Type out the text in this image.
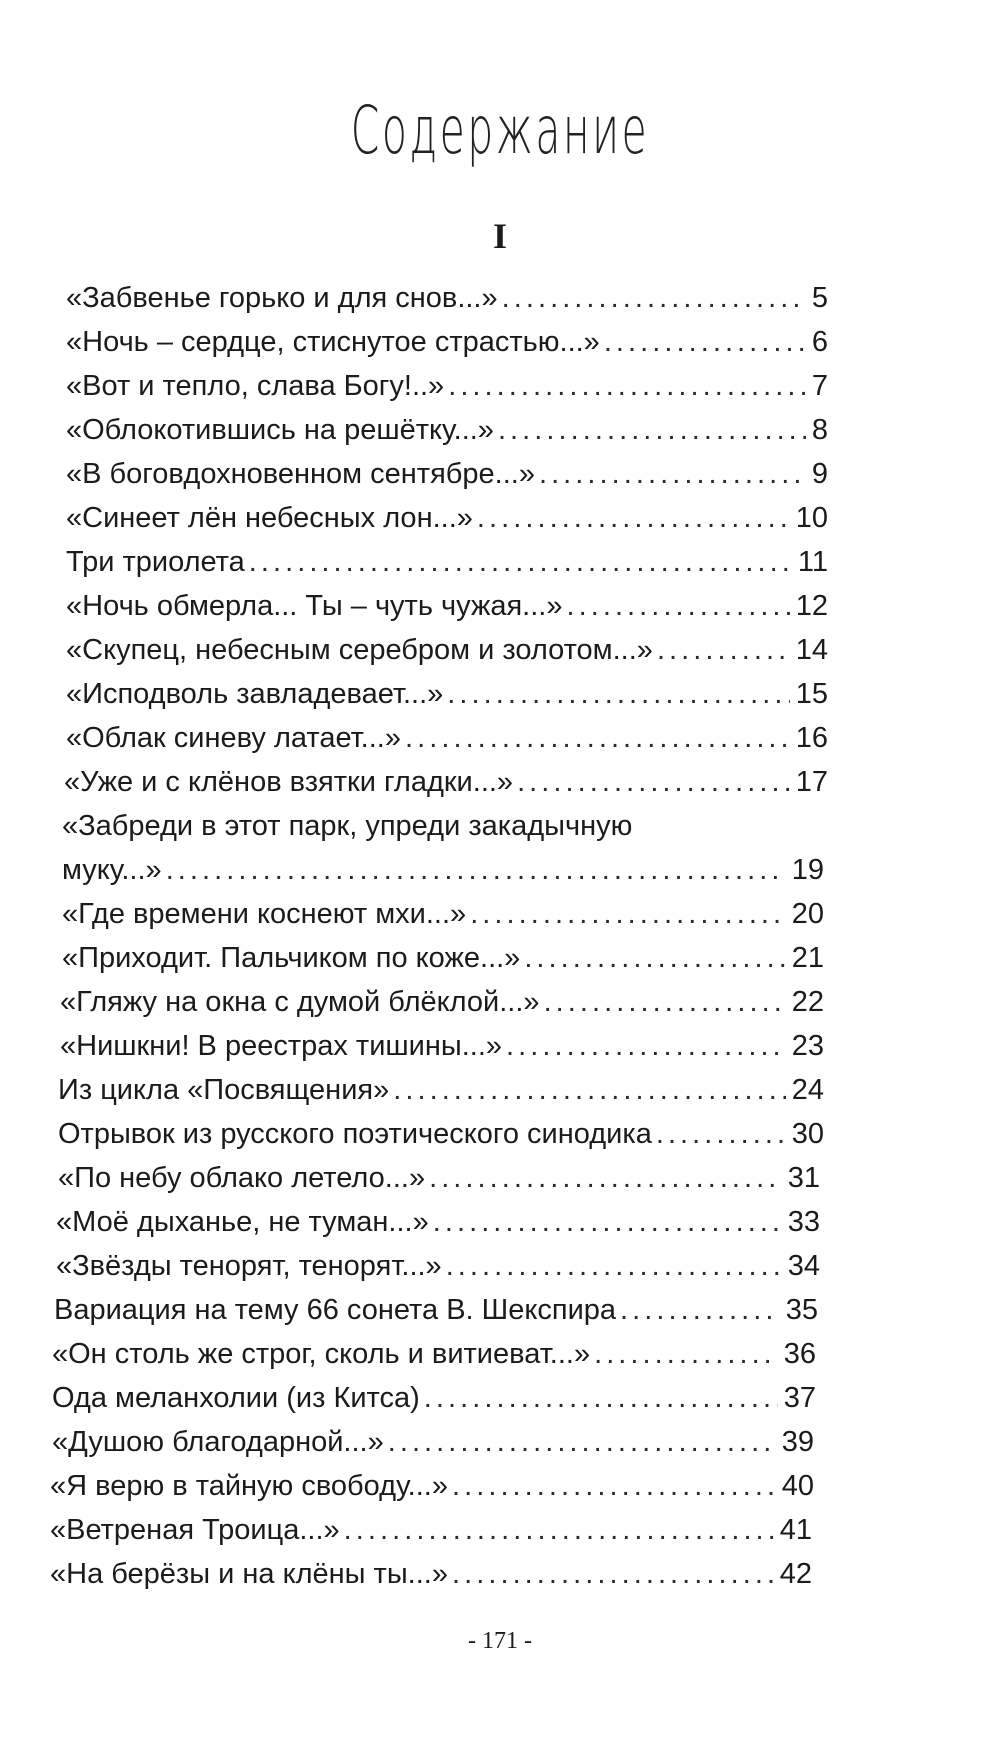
Содержание
I
«Забвенье горько и для снов...» . . .	5
«Ночь – сердце, стиснутое страстью...» . . .	6
«Вот и тепло, слава Богу!..» . . .	7
«Облокотившись на решётку...» . . .	8
«В боговдохновенном сентябре...» . . .	9
«Синеет лён небесных лон...» . . .	10
Три триолета . . .	11
«Ночь обмерла... Ты – чуть чужая...» . . .	12
«Скупец, небесным серебром и золотом...» . . .	14
«Исподволь завладевает...» . . .	15
«Облак синеву латает...» . . .	16
«Уже и с клёнов взятки гладки...» . . .	17
«Забреди в этот парк, упреди закадычную
муку...» . . .	19
«Где времени коснеют мхи...» . . .	20
«Приходит. Пальчиком по коже...» . . .	21
«Гляжу на окна с думой блёклой...» . . .	22
«Нишкни! В реестрах тишины...» . . .	23
Из цикла «Посвящения» . . .	24
Отрывок из русского поэтического синодика . . .	30
«По небу облако летело...» . . .	31
«Моё дыханье, не туман...» . . .	33
«Звёзды тенорят, тенорят...» . . .	34
Вариация на тему 66 сонета В. Шекспира . . .	35
«Он столь же строг, сколь и витиеват...» . . .	36
Ода меланхолии (из Китса) . . .	37
«Душою благодарной...» . . .	39
«Я верю в тайную свободу...» . . .	40
«Ветреная Троица...» . . .	41
«На берёзы и на клёны ты...» . . .	42
- 171 -
